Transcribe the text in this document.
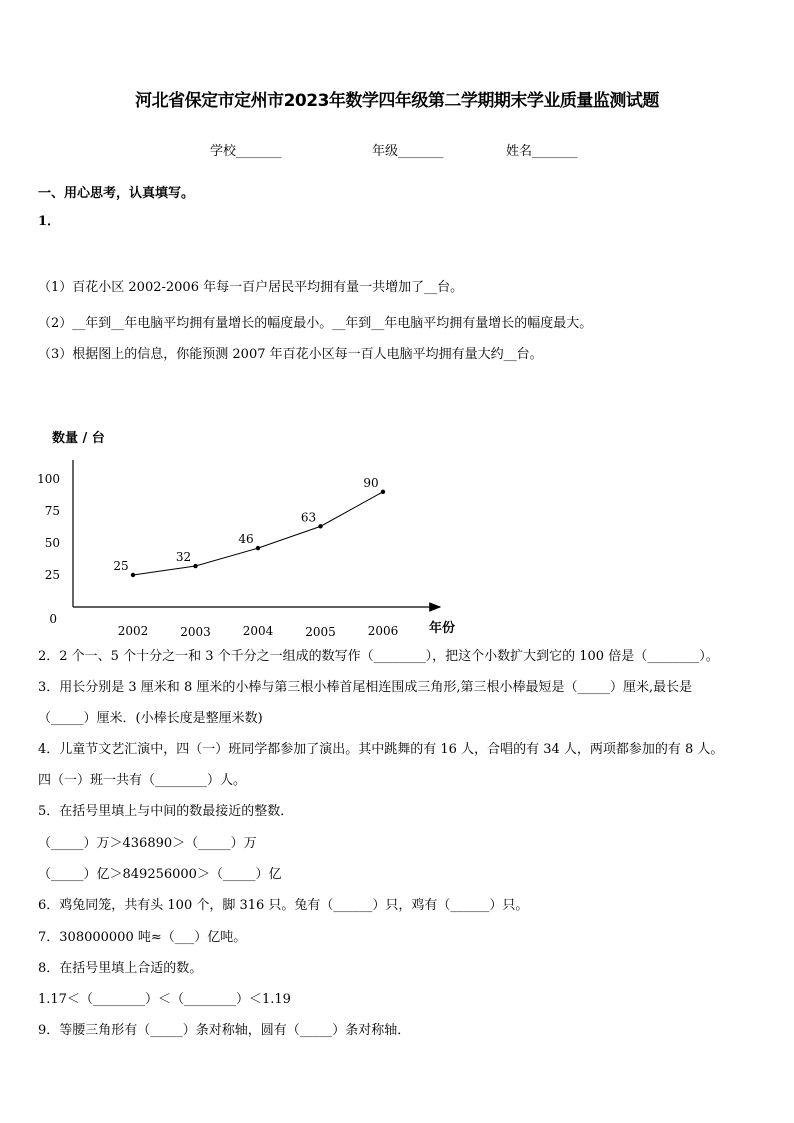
河北省保定市定州市2023年数学四年级第二学期期末学业质量监测试题
学校_______	年级_______	姓名_______
一、用心思考，认真填写。
1．
（1）百花小区 2002-2006 年每一百户居民平均拥有量一共增加了__台。
（2）__年到__年电脑平均拥有量增长的幅度最小。__年到__年电脑平均拥有量增长的幅度最大。
（3）根据图上的信息，你能预测 2007 年百花小区每一百人电脑平均拥有量大约__台。
数量 / 台
年份
0
25
50
75
100
2002	2003	2004	2005	2006
25
32
46
63
90
2．2 个一、5 个十分之一和 3 个千分之一组成的数写作（________），把这个小数扩大到它的 100 倍是（________）。
3．用长分别是 3 厘米和 8 厘米的小棒与第三根小棒首尾相连围成三角形,第三根小棒最短是（_____）厘米,最长是
（_____）厘米．(小棒长度是整厘米数)
4．儿童节文艺汇演中，四（一）班同学都参加了演出。其中跳舞的有 16 人，合唱的有 34 人，两项都参加的有 8 人。
四（一）班一共有（________）人。
5．在括号里填上与中间的数最接近的整数．
（_____）万＞436890＞（_____）万
（_____）亿＞849256000＞（_____）亿
6．鸡兔同笼，共有头 100 个，脚 316 只。兔有（______）只，鸡有（______）只。
7．308000000 吨≈（___）亿吨。
8．在括号里填上合适的数。
1.17＜（________）＜（________）＜1.19
9．等腰三角形有（_____）条对称轴，圆有（_____）条对称轴．
